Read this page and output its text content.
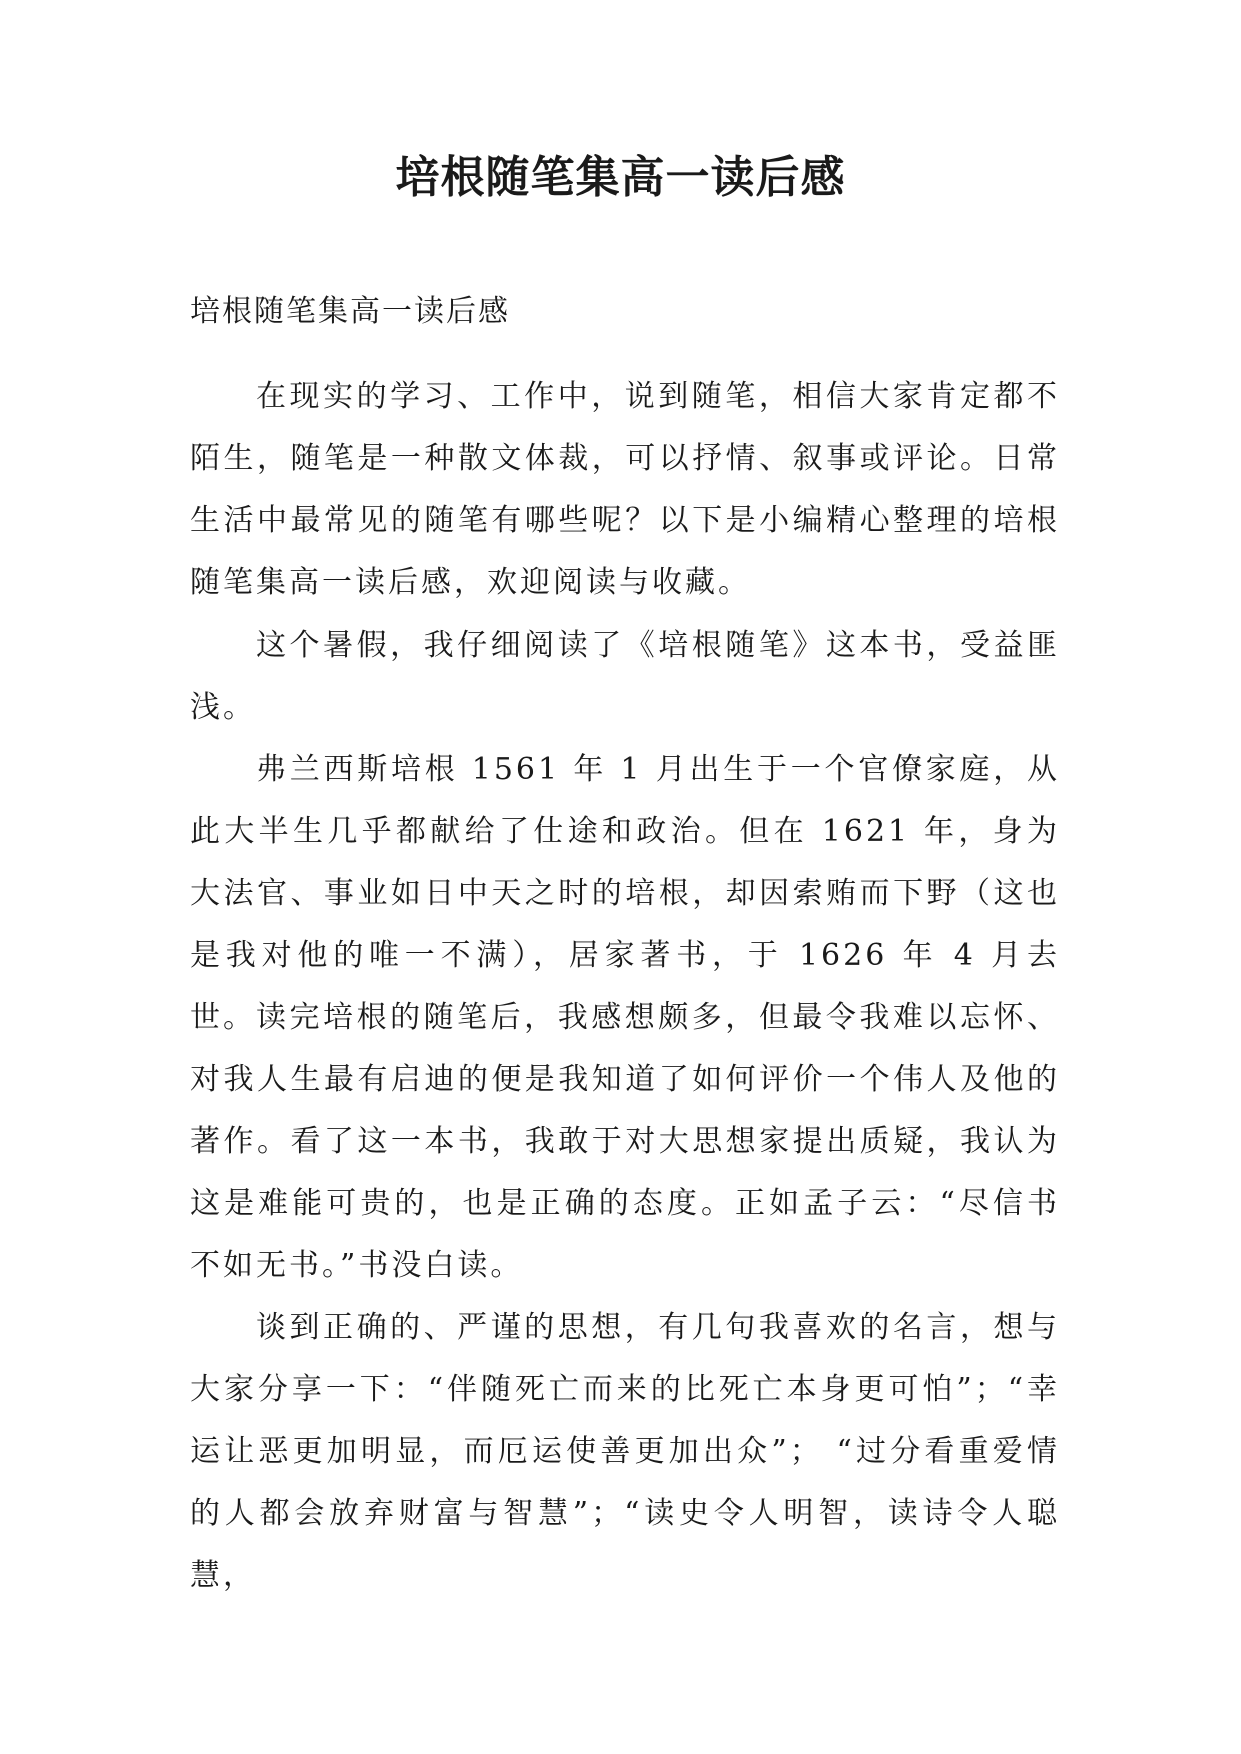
培根随笔集高一读后感

培根随笔集高一读后感

在现实的学习、工作中，说到随笔，相信大家肯定都不陌生，随笔是一种散文体裁，可以抒情、叙事或评论。日常生活中最常见的随笔有哪些呢？以下是小编精心整理的培根随笔集高一读后感，欢迎阅读与收藏。

这个暑假，我仔细阅读了《培根随笔》这本书，受益匪浅。

弗兰西斯培根 1561 年 1 月出生于一个官僚家庭，从此大半生几乎都献给了仕途和政治。但在 1621 年，身为大法官、事业如日中天之时的培根，却因索贿而下野（这也是我对他的唯一不满），居家著书，于 1626 年 4 月去世。 读完培根的随笔后，我感想颇多，但最令我难以忘怀、对我人生最有启迪的便是我知道了如何评价一个伟人及他的著作。看了这一本书，我敢于对大思想家提出质疑，我认为这是难能可贵的，也是正确的态度。正如孟子云：“尽信书不如无书。”书没白读。

谈到正确的、严谨的思想，有几句我喜欢的名言，想与大家分享一下：“伴随死亡而来的比死亡本身更可怕”；“幸运让恶更加明显，而厄运使善更加出众”； “过分看重爱情的人都会放弃财富与智慧”；“读史令人明智，读诗令人聪慧，
